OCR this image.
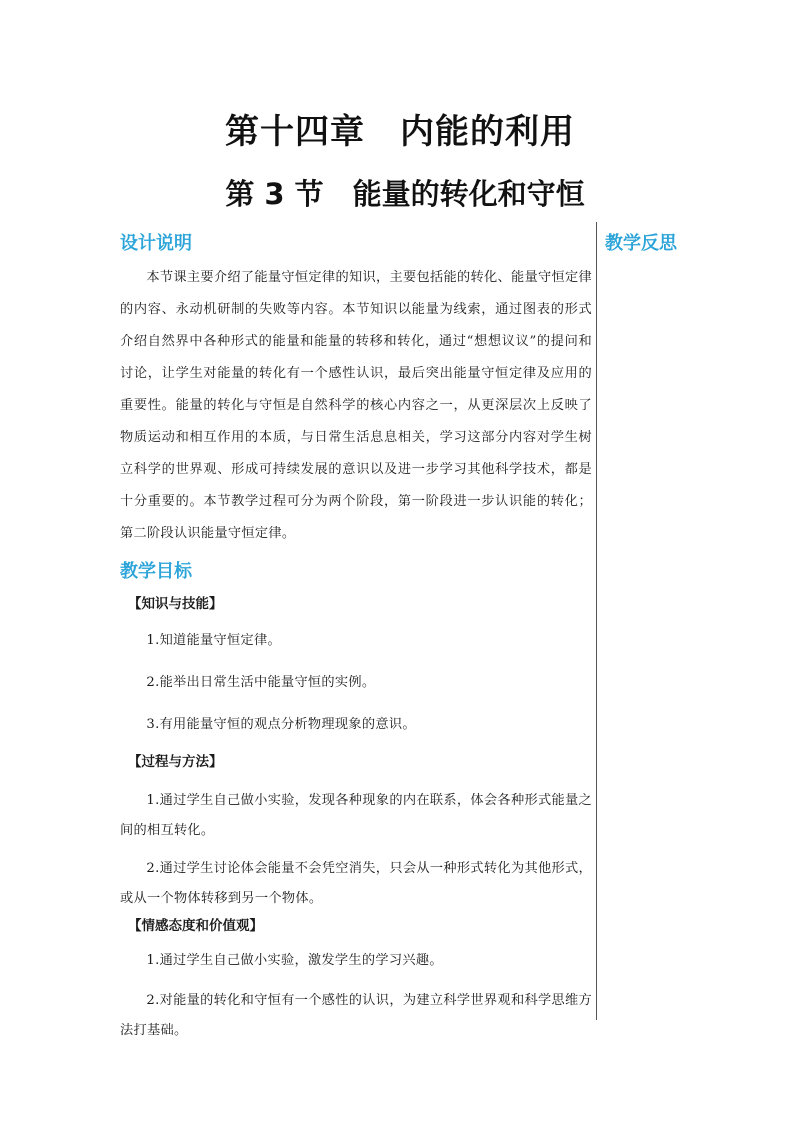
第十四章　内能的利用
第 3 节　能量的转化和守恒

设计说明

本节课主要介绍了能量守恒定律的知识，主要包括能的转化、能量守恒定律的内容、永动机研制的失败等内容。本节知识以能量为线索，通过图表的形式介绍自然界中各种形式的能量和能量的转移和转化，通过“想想议议”的提问和讨论，让学生对能量的转化有一个感性认识，最后突出能量守恒定律及应用的重要性。能量的转化与守恒是自然科学的核心内容之一，从更深层次上反映了物质运动和相互作用的本质，与日常生活息息相关，学习这部分内容对学生树立科学的世界观、形成可持续发展的意识以及进一步学习其他科学技术，都是十分重要的。本节教学过程可分为两个阶段，第一阶段进一步认识能的转化；第二阶段认识能量守恒定律。

教学目标

【知识与技能】

1.知道能量守恒定律。

2.能举出日常生活中能量守恒的实例。

3.有用能量守恒的观点分析物理现象的意识。

【过程与方法】

1.通过学生自己做小实验，发现各种现象的内在联系，体会各种形式能量之间的相互转化。

2.通过学生讨论体会能量不会凭空消失，只会从一种形式转化为其他形式，或从一个物体转移到另一个物体。

【情感态度和价值观】

1.通过学生自己做小实验，激发学生的学习兴趣。

2.对能量的转化和守恒有一个感性的认识，为建立科学世界观和科学思维方法打基础。

教学反思
